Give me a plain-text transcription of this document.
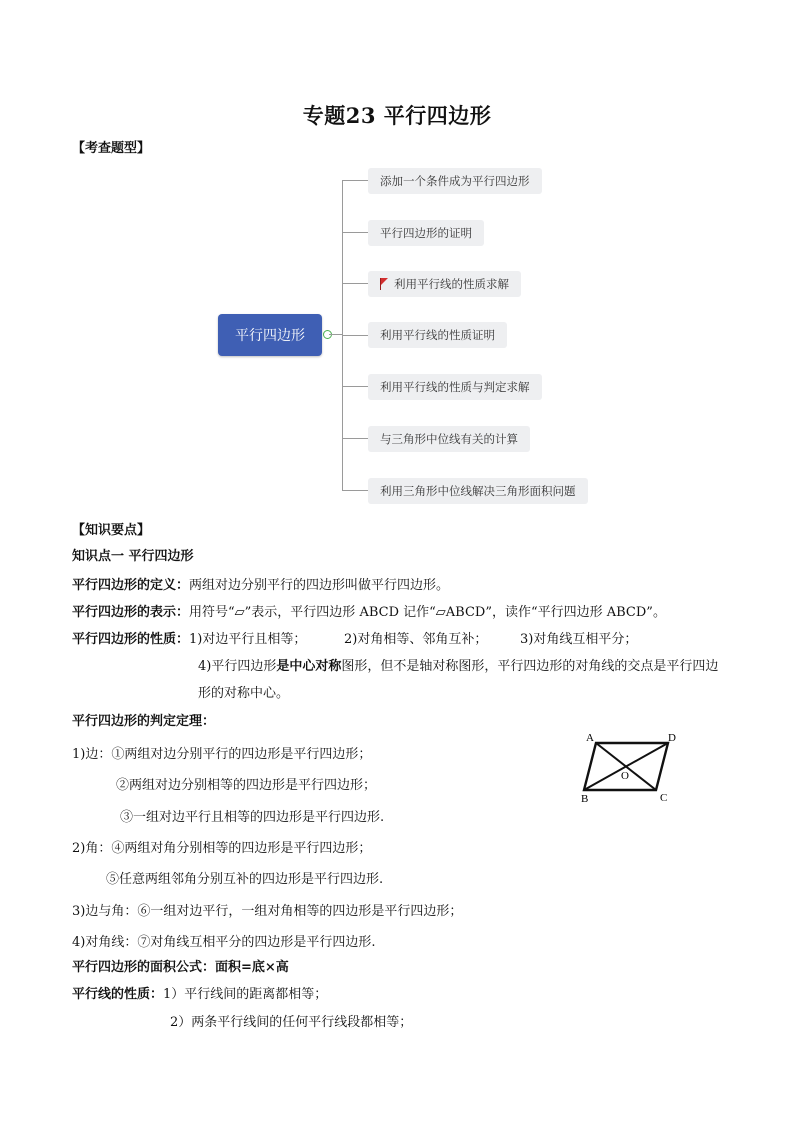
专题23 平行四边形
【考查题型】
平行四边形
添加一个条件成为平行四边形
平行四边形的证明
利用平行线的性质求解
利用平行线的性质证明
利用平行线的性质与判定求解
与三角形中位线有关的计算
利用三角形中位线解决三角形面积问题
【知识要点】
知识点一 平行四边形
平行四边形的定义：两组对边分别平行的四边形叫做平行四边形。
平行四边形的表示：用符号“▱”表示，平行四边形 ABCD 记作“▱ABCD”，读作“平行四边形 ABCD”。
平行四边形的性质：1)对边平行且相等；	2)对角相等、邻角互补；	3)对角线互相平分；
4)平行四边形是中心对称图形，但不是轴对称图形，平行四边形的对角线的交点是平行四边
形的对称中心。
平行四边形的判定定理：
1)边：①两组对边分别平行的四边形是平行四边形；
②两组对边分别相等的四边形是平行四边形；
③一组对边平行且相等的四边形是平行四边形.
2)角：④两组对角分别相等的四边形是平行四边形；
⑤任意两组邻角分别互补的四边形是平行四边形.
3)边与角：⑥一组对边平行，一组对角相等的四边形是平行四边形；
4)对角线：⑦对角线互相平分的四边形是平行四边形.
平行四边形的面积公式：面积=底×高
平行线的性质：1）平行线间的距离都相等；
2）两条平行线间的任何平行线段都相等；
A	D
B	C
O
